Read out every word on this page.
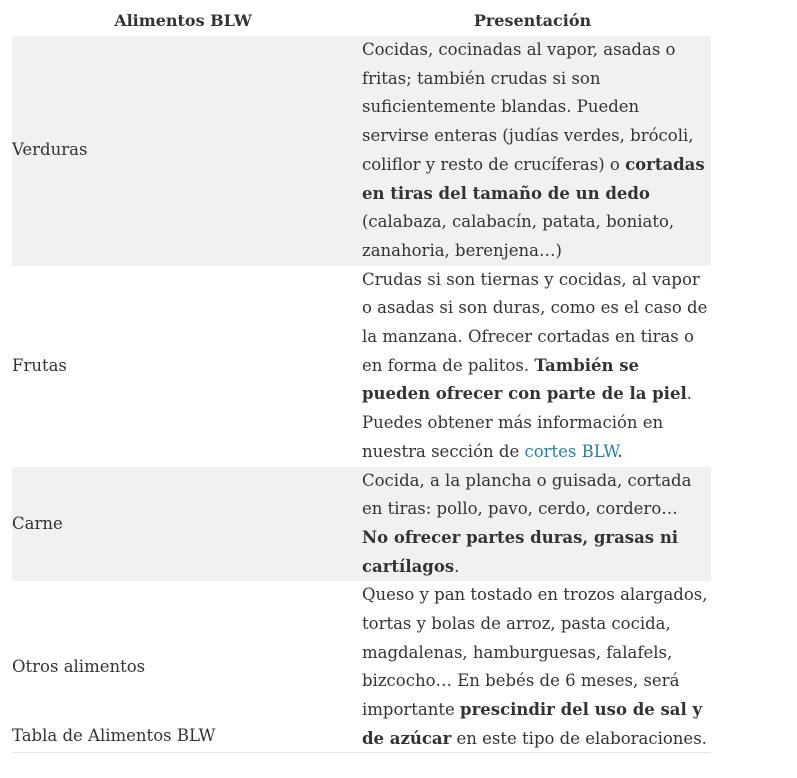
Alimentos BLW	Presentación
Verduras	Cocidas, cocinadas al vapor, asadas o fritas; también crudas si son suficientemente blandas. Pueden servirse enteras (judías verdes, brócoli, coliflor y resto de crucíferas) o cortadas en tiras del tamaño de un dedo (calabaza, calabacín, patata, boniato, zanahoria, berenjena…)
Frutas	Crudas si son tiernas y cocidas, al vapor o asadas si son duras, como es el caso de la manzana. Ofrecer cortadas en tiras o en forma de palitos. También se pueden ofrecer con parte de la piel. Puedes obtener más información en nuestra sección de cortes BLW.
Carne	Cocida, a la plancha o guisada, cortada en tiras: pollo, pavo, cerdo, cordero… No ofrecer partes duras, grasas ni cartílagos.
Otros alimentos	Queso y pan tostado en trozos alargados, tortas y bolas de arroz, pasta cocida, magdalenas, hamburguesas, falafels, bizcocho… En bebés de 6 meses, será importante prescindir del uso de sal y de azúcar en este tipo de elaboraciones.
Tabla de Alimentos BLW
